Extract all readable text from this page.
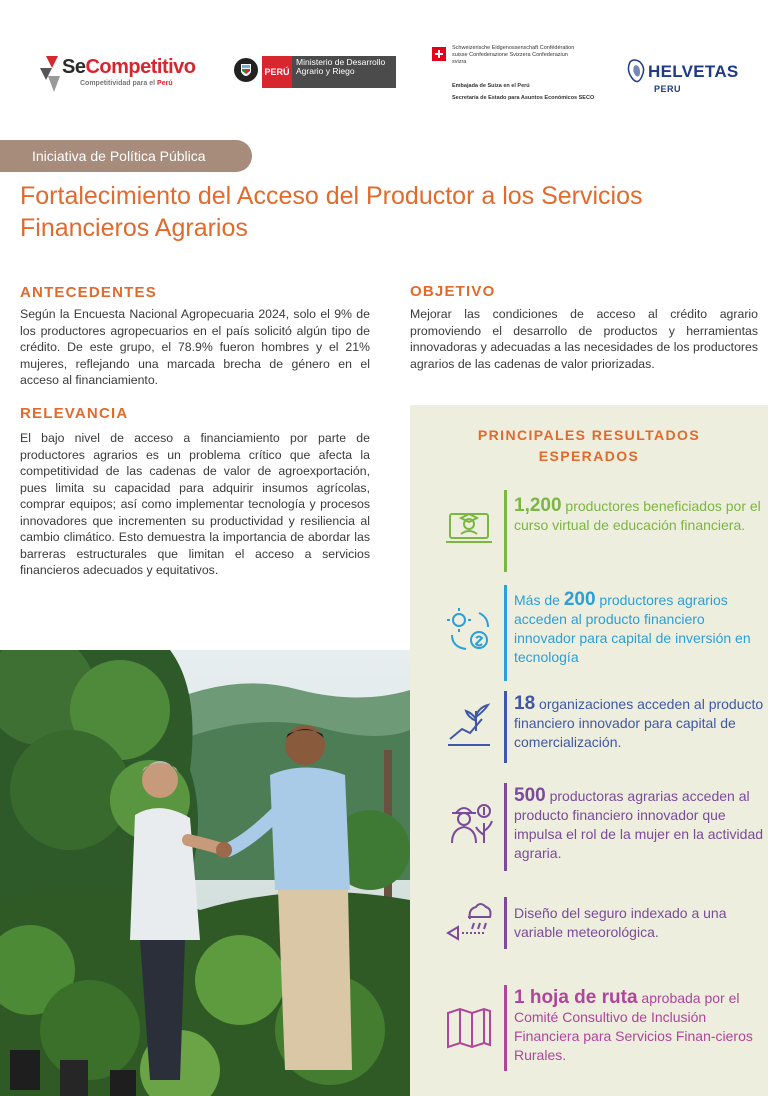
SeCompetitivo
Competitividad para el Perú
PERÚ
Ministerio de Desarrollo Agrario y Riego
Schweizerische Eidgenossenschaft Confédération suisse Confederazione Svizzera Confederaziun svizra
Embajada de Suiza en el Perú
Secretaría de Estado para Asuntos Económicos SECO
HELVETAS
PERU
Iniciativa de Política Pública
Fortalecimiento del Acceso del Productor a los Servicios Financieros Agrarios
ANTECEDENTES

Según la Encuesta Nacional Agropecuaria 2024, solo el 9% de los productores agropecuarios en el país solicitó algún tipo de crédito. De este grupo, el 78.9% fueron hombres y el 21% mujeres, reflejando una marcada brecha de género en el acceso al financiamiento.

OBJETIVO

Mejorar las condiciones de acceso al crédito agrario promoviendo el desarrollo de productos y herramientas innovadoras y adecuadas a las necesidades de los productores agrarios de las cadenas de valor priorizadas.

RELEVANCIA

El bajo nivel de acceso a financiamiento por parte de productores agrarios es un problema crítico que afecta la competitividad de las cadenas de valor de agroexportación, pues limita su capacidad para adquirir insumos agrícolas, comprar equipos; así como implementar tecnología y procesos innovadores que incrementen su productividad y resiliencia al cambio climático. Esto demuestra la importancia de abordar las barreras estructurales que limitan el acceso a servicios financieros adecuados y equitativos.

PRINCIPALES RESULTADOS ESPERADOS
1,200 productores beneficiados por el curso virtual de educación financiera.
Más de 200 productores agrarios acceden al producto financiero innovador para capital de inversión en tecnología
18 organizaciones acceden al producto financiero innovador para capital de comercialización.
500 productoras agrarias acceden al producto financiero innovador que impulsa el rol de la mujer en la actividad agraria.
Diseño del seguro indexado a una variable meteorológica.
1 hoja de ruta aprobada por el Comité Consultivo de Inclusión Financiera para Servicios Finan-cieros Rurales.
